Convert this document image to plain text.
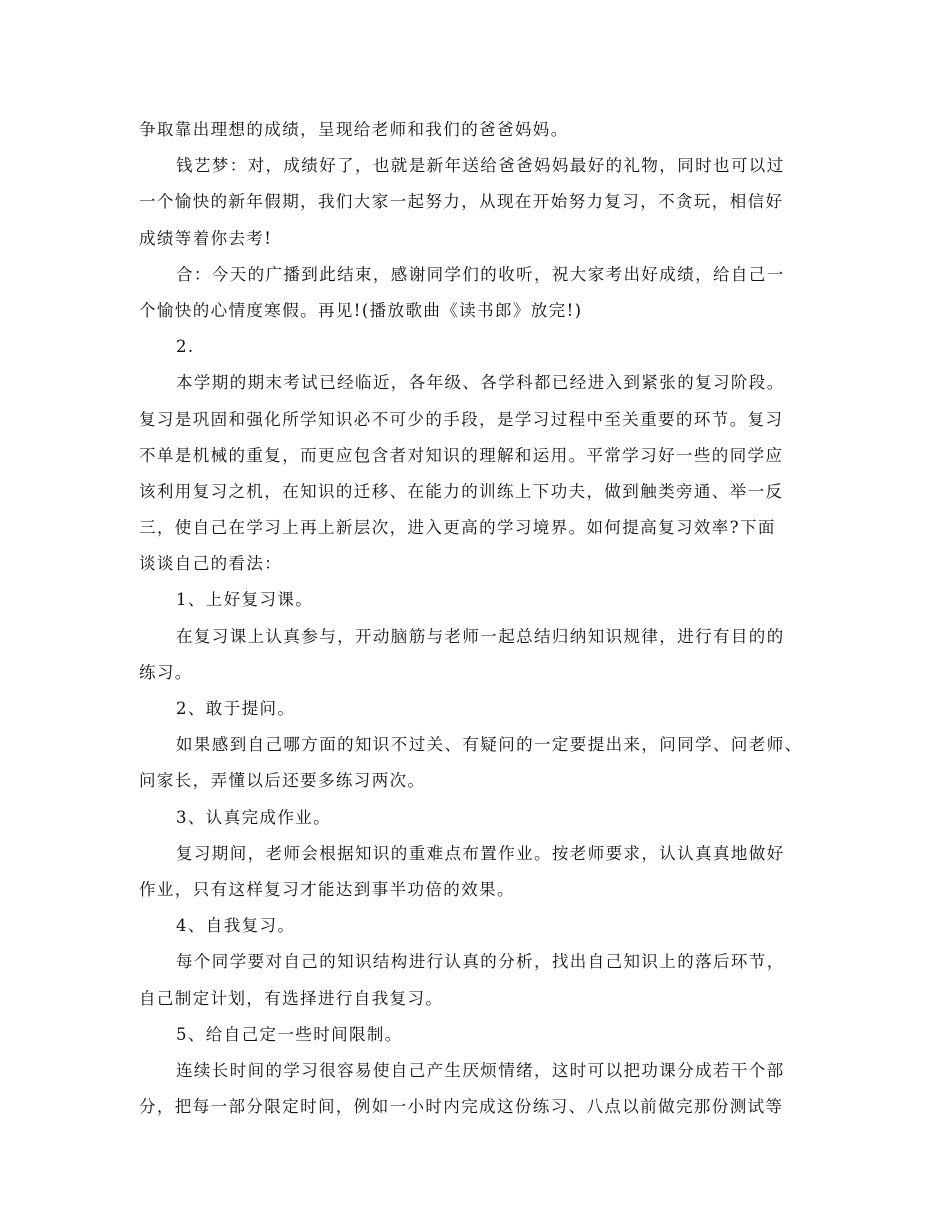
争取靠出理想的成绩，呈现给老师和我们的爸爸妈妈。
钱艺梦：对，成绩好了，也就是新年送给爸爸妈妈最好的礼物，同时也可以过
一个愉快的新年假期，我们大家一起努力，从现在开始努力复习，不贪玩，相信好
成绩等着你去考!
合：今天的广播到此结束，感谢同学们的收听，祝大家考出好成绩，给自己一
个愉快的心情度寒假。再见!(播放歌曲《读书郎》放完!)
2.
本学期的期末考试已经临近，各年级、各学科都已经进入到紧张的复习阶段。
复习是巩固和强化所学知识必不可少的手段，是学习过程中至关重要的环节。复习
不单是机械的重复，而更应包含者对知识的理解和运用。平常学习好一些的同学应
该利用复习之机，在知识的迁移、在能力的训练上下功夫，做到触类旁通、举一反
三，使自己在学习上再上新层次，进入更高的学习境界。如何提高复习效率?下面
谈谈自己的看法：
1、上好复习课。
在复习课上认真参与，开动脑筋与老师一起总结归纳知识规律，进行有目的的
练习。
2、敢于提问。
如果感到自己哪方面的知识不过关、有疑问的一定要提出来，问同学、问老师、
问家长，弄懂以后还要多练习两次。
3、认真完成作业。
复习期间，老师会根据知识的重难点布置作业。按老师要求，认认真真地做好
作业，只有这样复习才能达到事半功倍的效果。
4、自我复习。
每个同学要对自己的知识结构进行认真的分析，找出自己知识上的落后环节，
自己制定计划，有选择进行自我复习。
5、给自己定一些时间限制。
连续长时间的学习很容易使自己产生厌烦情绪，这时可以把功课分成若干个部
分，把每一部分限定时间，例如一小时内完成这份练习、八点以前做完那份测试等
